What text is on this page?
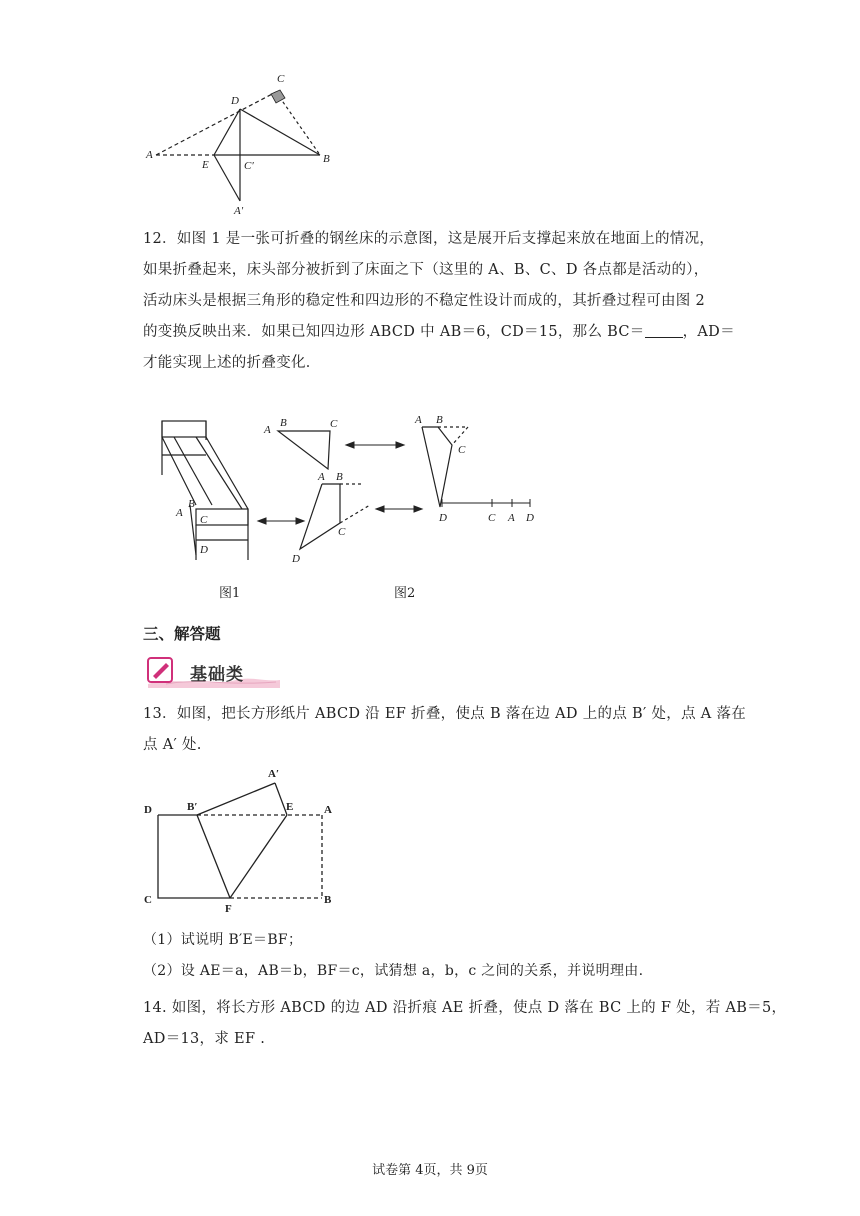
A	B
C
D
E	C′
A′
12．如图 1 是一张可折叠的钢丝床的示意图，这是展开后支撑起来放在地面上的情况，
如果折叠起来，床头部分被折到了床面之下（这里的 A、B、C、D 各点都是活动的），
活动床头是根据三角形的稳定性和四边形的不稳定性设计而成的，其折叠过程可由图 2
的变换反映出来．如果已知四边形 ABCD 中 AB＝6，CD＝15，那么 BC＝	，AD＝
才能实现上述的折叠变化．
B
A
C
D
A
B	C	A B
C
A B
C
D
D	C A D
图1	图2
三、解答题
基础类
13．如图，把长方形纸片 ABCD 沿 EF 折叠，使点 B 落在边 AD 上的点 B′ 处，点 A 落在
点 A′ 处.
D	B′
A′
E	A
C
F
B
（1）试说明 B′E＝BF；
（2）设 AE＝a，AB＝b，BF＝c，试猜想 a，b，c 之间的关系，并说明理由.
14. 如图，将长方形 ABCD 的边 AD 沿折痕 AE 折叠，使点 D 落在 BC 上的 F 处，若 AB＝5，
AD＝13，求 EF .
试卷第 4页，共 9页
